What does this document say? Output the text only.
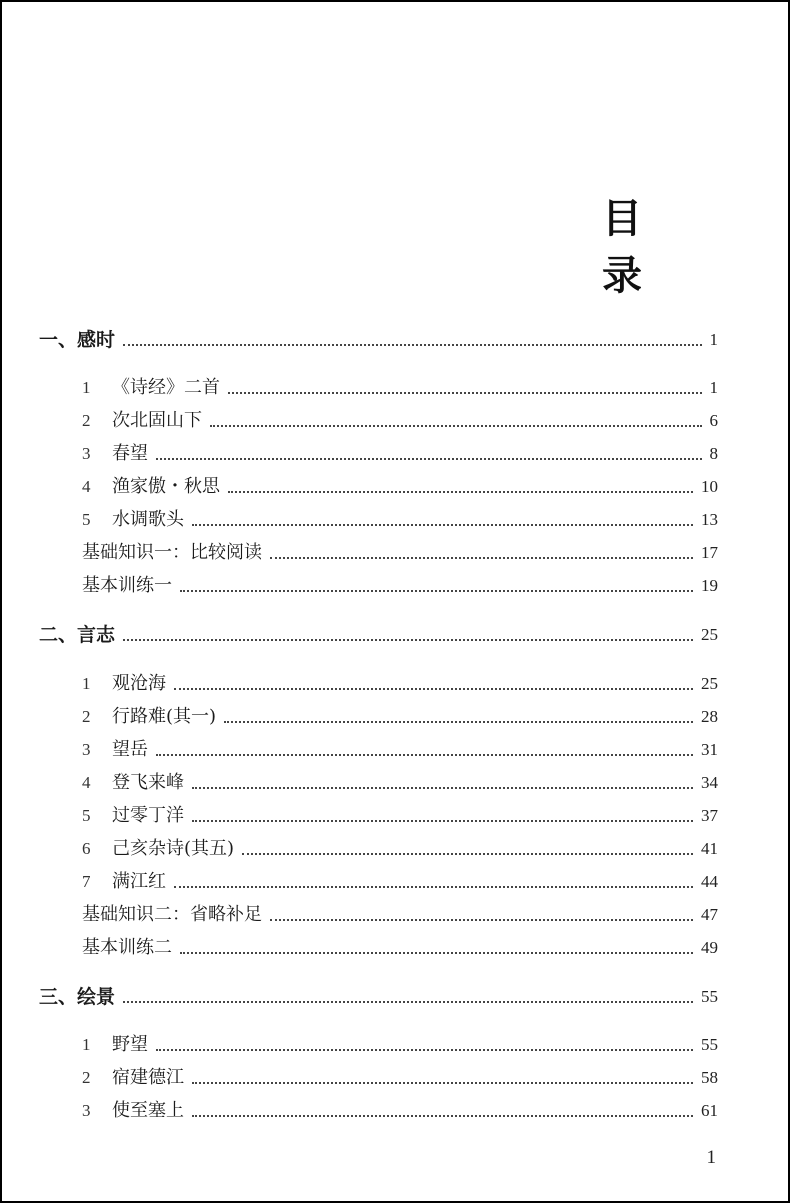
目 录
一、感时	1
1	《诗经》二首	1
2	次北固山下	6
3	春望	8
4	渔家傲・秋思	10
5	水调歌头	13
基础知识一：比较阅读	17
基本训练一	19
二、言志	25
1	观沧海	25
2	行路难(其一)	28
3	望岳	31
4	登飞来峰	34
5	过零丁洋	37
6	己亥杂诗(其五)	41
7	满江红	44
基础知识二：省略补足	47
基本训练二	49
三、绘景	55
1	野望	55
2	宿建德江	58
3	使至塞上	61
1
